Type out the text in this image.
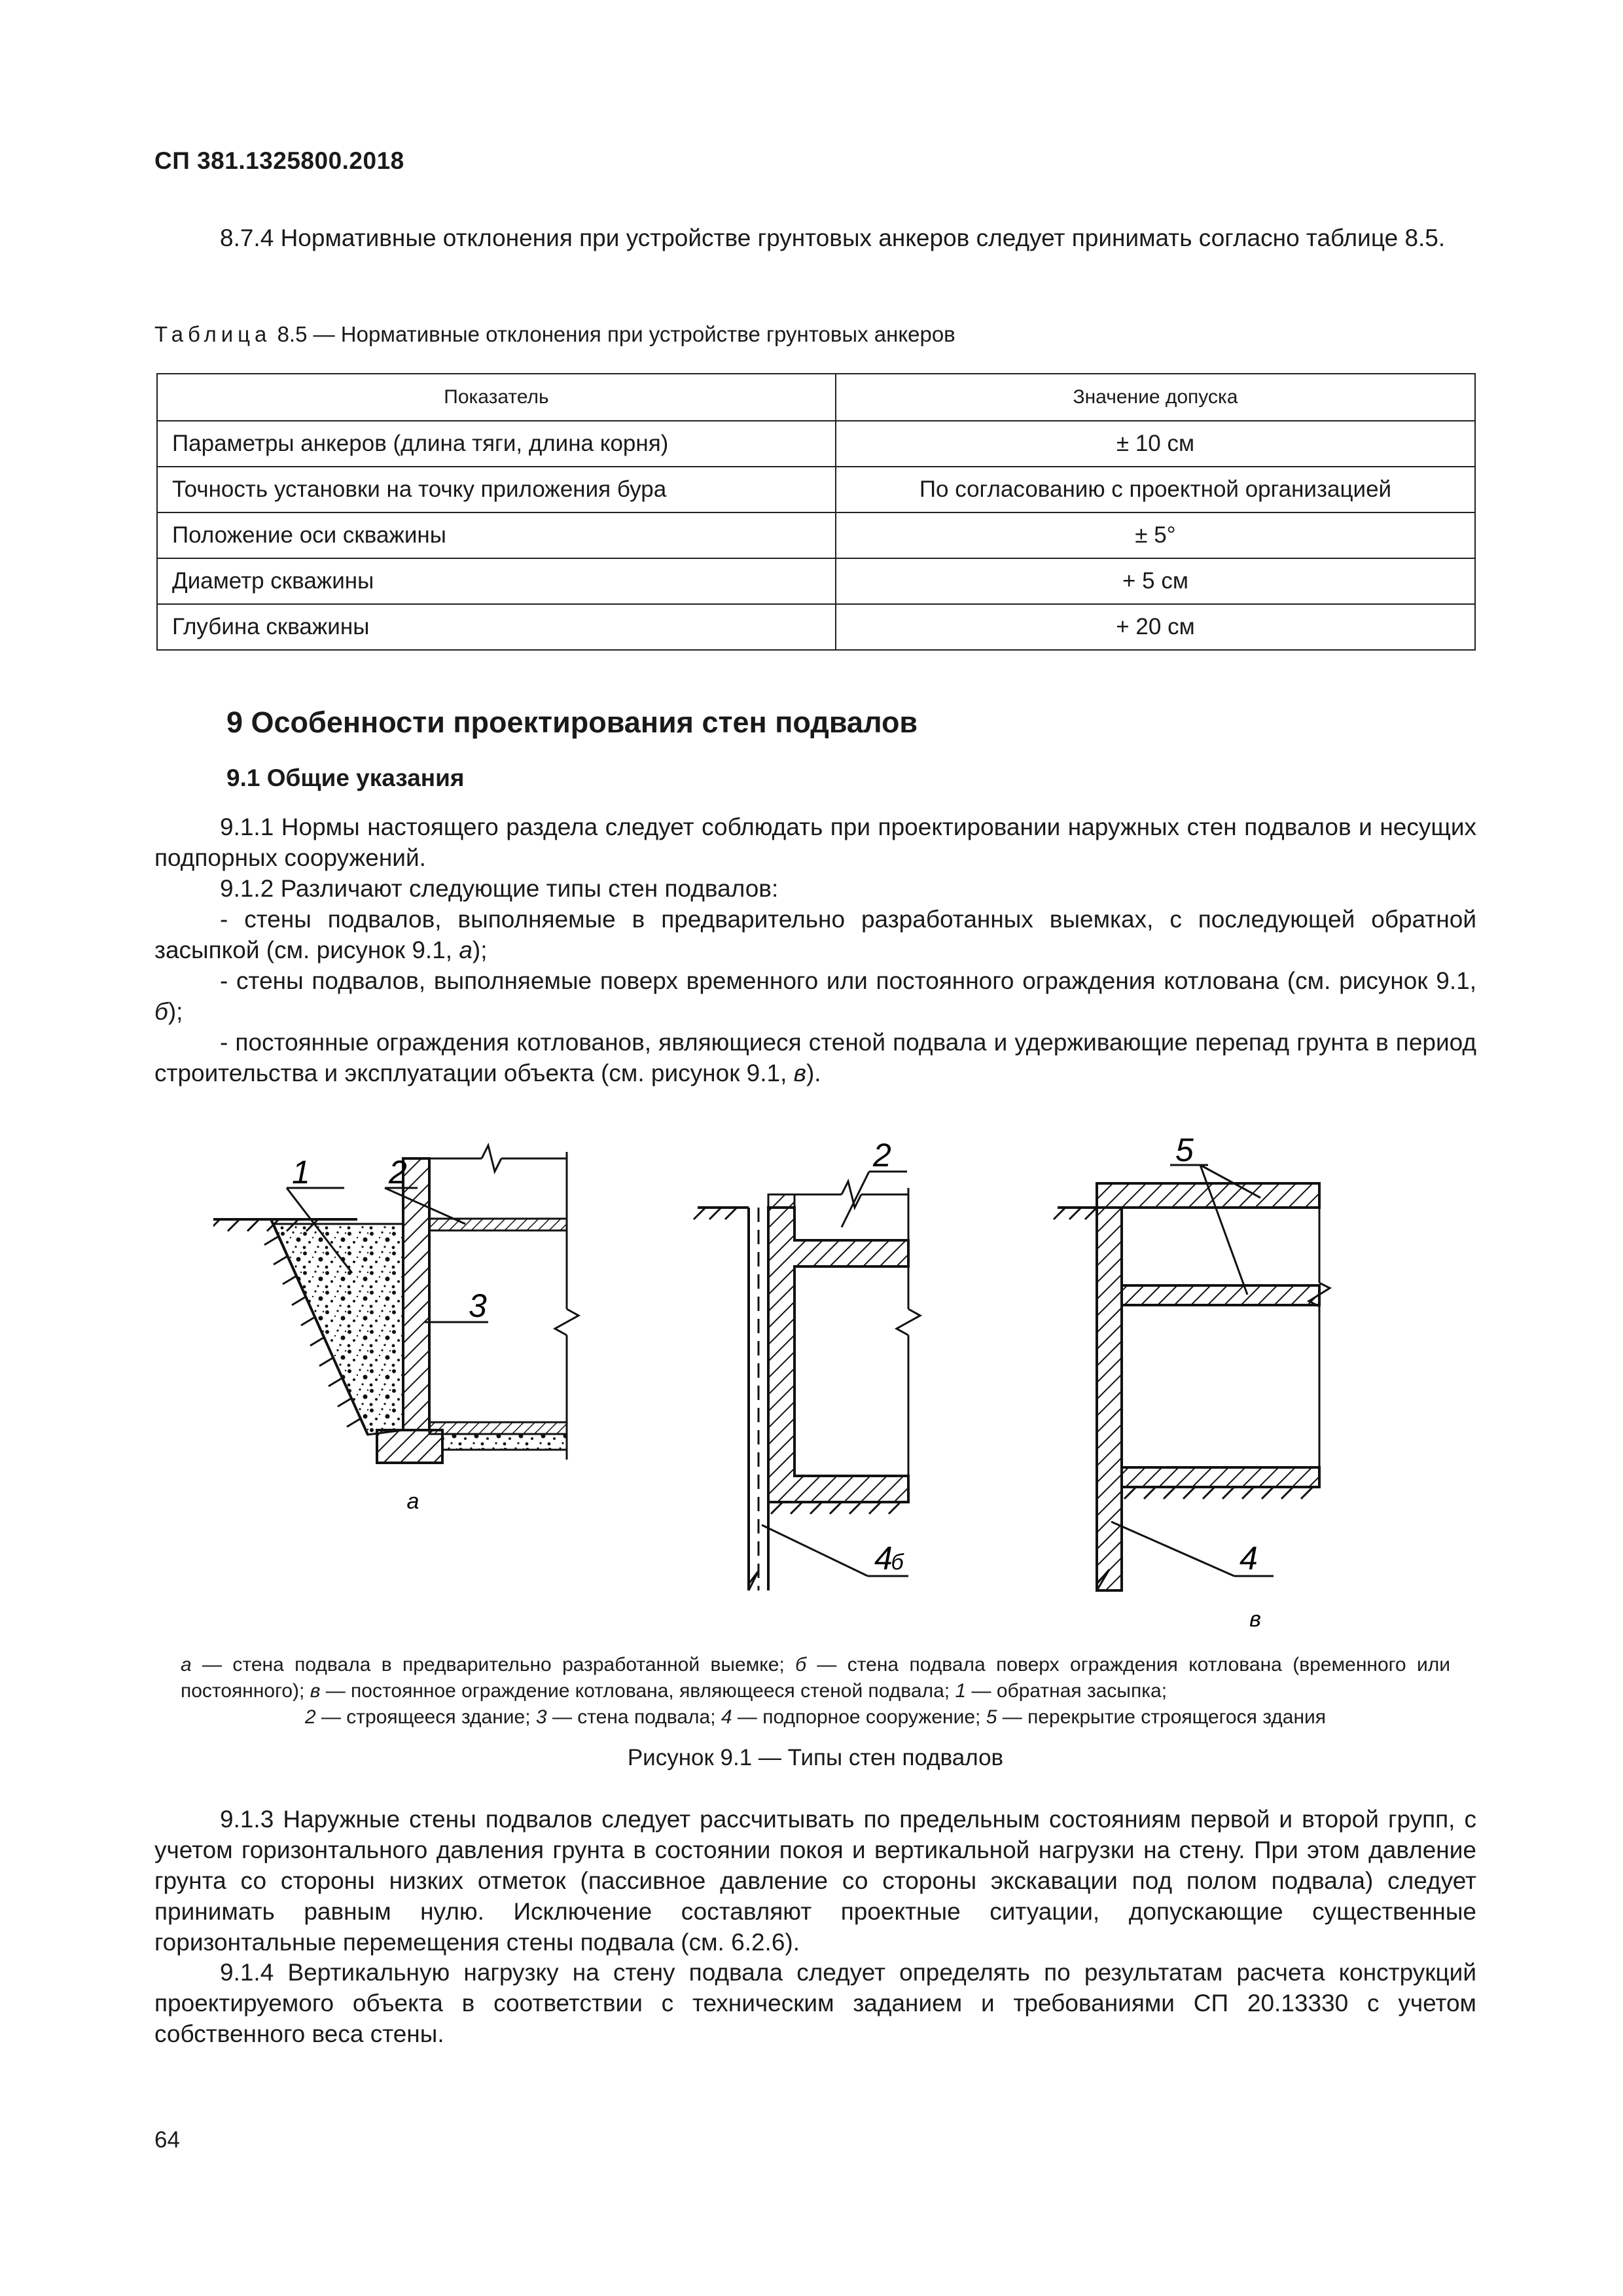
СП 381.1325800.2018

8.7.4 Нормативные отклонения при устройстве грунтовых анкеров следует принимать согласно таблице 8.5.

Таблица 8.5 — Нормативные отклонения при устройстве грунтовых анкеров
Показатель	Значение допуска
Параметры анкеров (длина тяги, длина корня)	± 10 см
Точность установки на точку приложения бура	По согласованию с проектной организацией
Положение оси скважины	± 5°
Диаметр скважины	+ 5 см
Глубина скважины	+ 20 см
9 Особенности проектирования стен подвалов
9.1 Общие указания

9.1.1 Нормы настоящего раздела следует соблюдать при проектировании наружных стен подвалов и несущих подпорных сооружений.

9.1.2 Различают следующие типы стен подвалов:

- стены подвалов, выполняемые в предварительно разработанных выемках, с последующей обратной засыпкой (см. рисунок 9.1, а);

- стены подвалов, выполняемые поверх временного или постоянного ограждения котлована (см. рисунок 9.1, б);

- постоянные ограждения котлованов, являющиеся стеной подвала и удерживающие перепад грунта в период строительства и эксплуатации объекта (см. рисунок 9.1, в).

1 2
3
а
2
4
б
5
4
в

а — стена подвала в предварительно разработанной выемке; б — стена подвала поверх ограждения котлована (временного или постоянного); в — постоянное ограждение котлована, являющееся стеной подвала; 1 — обратная засыпка;

2 — строящееся здание; 3 — стена подвала; 4 — подпорное сооружение; 5 — перекрытие строящегося здания

Рисунок 9.1 — Типы стен подвалов

9.1.3 Наружные стены подвалов следует рассчитывать по предельным состояниям первой и второй групп, с учетом горизонтального давления грунта в состоянии покоя и вертикальной нагрузки на стену. При этом давление грунта со стороны низких отметок (пассивное давление со стороны экскавации под полом подвала) следует принимать равным нулю. Исключение составляют проектные ситуации, допускающие существенные горизонтальные перемещения стены подвала (см. 6.2.6).

9.1.4 Вертикальную нагрузку на стену подвала следует определять по результатам расчета конструкций проектируемого объекта в соответствии с техническим заданием и требованиями СП 20.13330 с учетом собственного веса стены.

64
